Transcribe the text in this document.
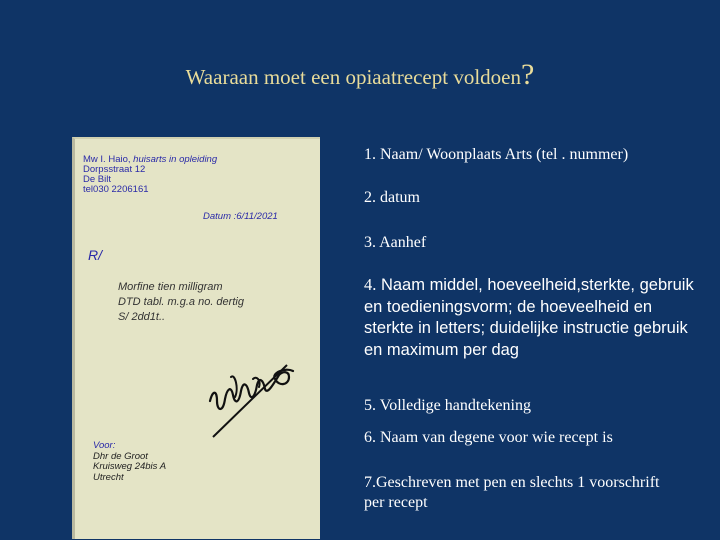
Waaraan moet een opiaatrecept voldoen?
Mw I. Haio, huisarts in opleiding
Dorpsstraat 12
De Bilt
tel030 2206161
Datum :6/11/2021
R/
Morfine tien milligram
DTD tabl. m.g.a no. dertig
S/ 2dd1t..
Voor:
Dhr de Groot
Kruisweg 24bis A
Utrecht
1. Naam/ Woonplaats Arts (tel . nummer)
2. datum
3. Aanhef
4. Naam middel, hoeveelheid,sterkte, gebruik en toedieningsvorm; de hoeveelheid en sterkte in letters; duidelijke instructie gebruik en maximum per dag
5. Volledige handtekening
6. Naam van degene voor wie recept is
7.Geschreven met pen en slechts 1 voorschrift per recept
